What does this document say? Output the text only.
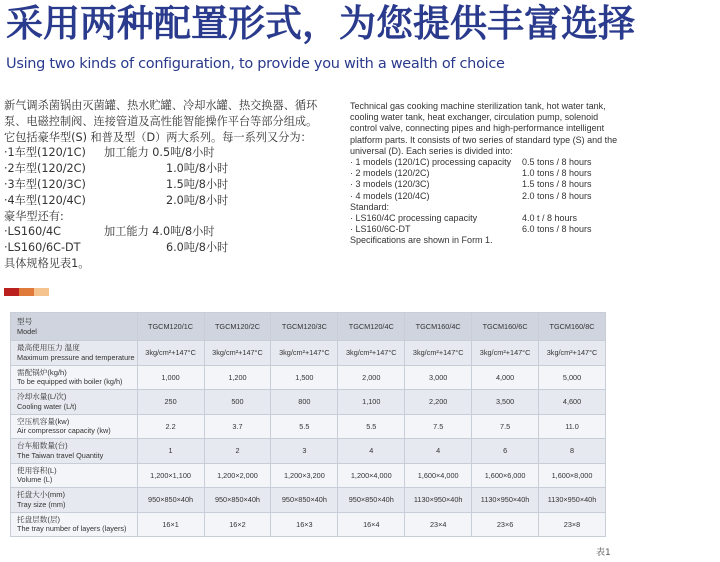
采用两种配置形式，为您提供丰富选择
Using two kinds of configuration, to provide you with a wealth of choice
新气调杀菌锅由灭菌罐、热水贮罐、冷却水罐、热交换器、循环
泵、电磁控制阀、连接管道及高性能智能操作平台等部分组成。
它包括豪华型(S) 和普及型（D）两大系列。每一系列又分为：
·1车型(120/1C)	加工能力 0.5吨/8小时
·2车型(120/2C)	1.0吨/8小时
·3车型(120/3C)	1.5吨/8小时
·4车型(120/4C)	2.0吨/8小时
豪华型还有:
·LS160/4C	加工能力 4.0吨/8小时
·LS160/6C-DT	6.0吨/8小时
具体规格见表1。
Technical gas cooking machine sterilization tank, hot water tank, cooling water tank, heat exchanger, circulation pump, solenoid control valve, connecting pipes and high-performance intelligent platform parts. It consists of two series of standard type (S) and the universal (D). Each series is divided into:
· 1 models (120/1C) processing capacity	0.5 tons / 8 hours
· 2 models (120/2C)	1.0 tons / 8 hours
· 3 models (120/3C)	1.5 tons / 8 hours
· 4 models (120/4C)	2.0 tons / 8 hours
Standard:
· LS160/4C processing capacity	4.0 t / 8 hours
· LS160/6C-DT	6.0 tons / 8 hours
Specifications are shown in Form 1.
型号
Model	TGCM120/1C	TGCM120/2C	TGCM120/3C	TGCM120/4C	TGCM160/4C	TGCM160/6C	TGCM160/8C

最高使用压力 温度
Maximum pressure and temperature	3kg/cm²+147°C	3kg/cm²+147°C	3kg/cm²+147°C	3kg/cm²+147°C	3kg/cm²+147°C	3kg/cm²+147°C	3kg/cm²+147°C

需配锅炉(kg/h)
To be equipped with boiler (kg/h)	1,000	1,200	1,500	2,000	3,000	4,000	5,000

冷却水量(L/次)
Cooling water (L/t)	250	500	800	1,100	2,200	3,500	4,600

空压机容量(kw)
Air compressor capacity (kw)	2.2	3.7	5.5	5.5	7.5	7.5	11.0

台车船数量(台)
The Taiwan travel Quantity	1	2	3	4	4	6	8

使用容积(L)
Volume (L)	1,200×1,100	1,200×2,000	1,200×3,200	1,200×4,000	1,600×4,000	1,600×6,000	1,600×8,000

托盘大小(mm)
Tray size (mm)	950×850×40h	950×850×40h	950×850×40h	950×850×40h	1130×950×40h	1130×950×40h	1130×950×40h

托盘层数(层)
The tray number of layers (layers)	16×1	16×2	16×3	16×4	23×4	23×6	23×8
表1
